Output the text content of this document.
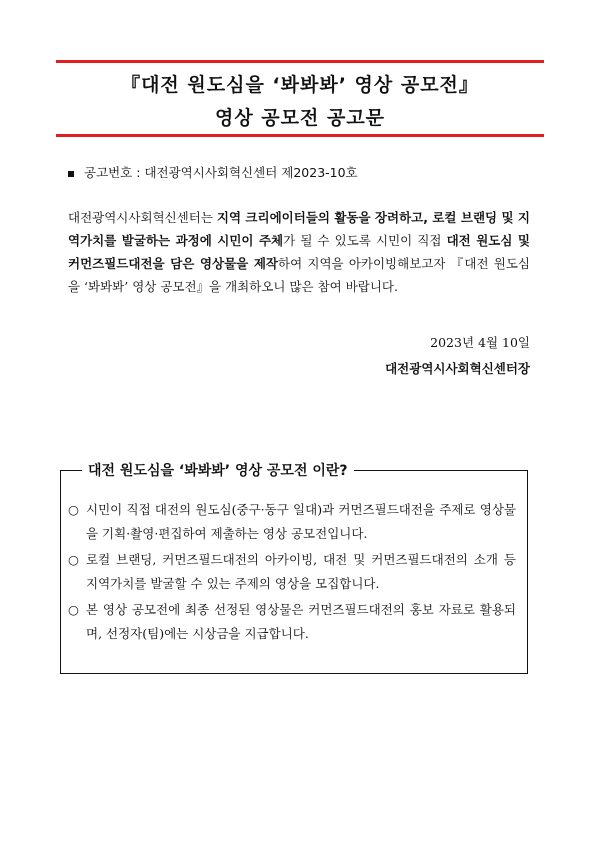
『대전 원도심을 ‘봐봐봐’ 영상 공모전』
영상 공모전 공고문
공고번호 : 대전광역시사회혁신센터 제2023-10호

대전광역시사회혁신센터는 지역 크리에이터들의 활동을 장려하고, 로컬 브랜딩 및 지역가치를 발굴하는 과정에 시민이 주체가 될 수 있도록 시민이 직접 대전 원도심 및 커먼즈필드대전을 담은 영상물을 제작하여 지역을 아카이빙해보고자 『대전 원도심을 ‘봐봐봐’ 영상 공모전』을 개최하오니 많은 참여 바랍니다.

2023년 4월 10일
대전광역시사회혁신센터장
대전 원도심을 ‘봐봐봐’ 영상 공모전 이란?
○ 시민이 직접 대전의 원도심(중구·동구 일대)과 커먼즈필드대전을 주제로 영상물을 기획·촬영·편집하여 제출하는 영상 공모전입니다.
○ 로컬 브랜딩, 커먼즈필드대전의 아카이빙, 대전 및 커먼즈필드대전의 소개 등 지역가치를 발굴할 수 있는 주제의 영상을 모집합니다.
○ 본 영상 공모전에 최종 선정된 영상물은 커먼즈필드대전의 홍보 자료로 활용되며, 선정자(팀)에는 시상금을 지급합니다.
